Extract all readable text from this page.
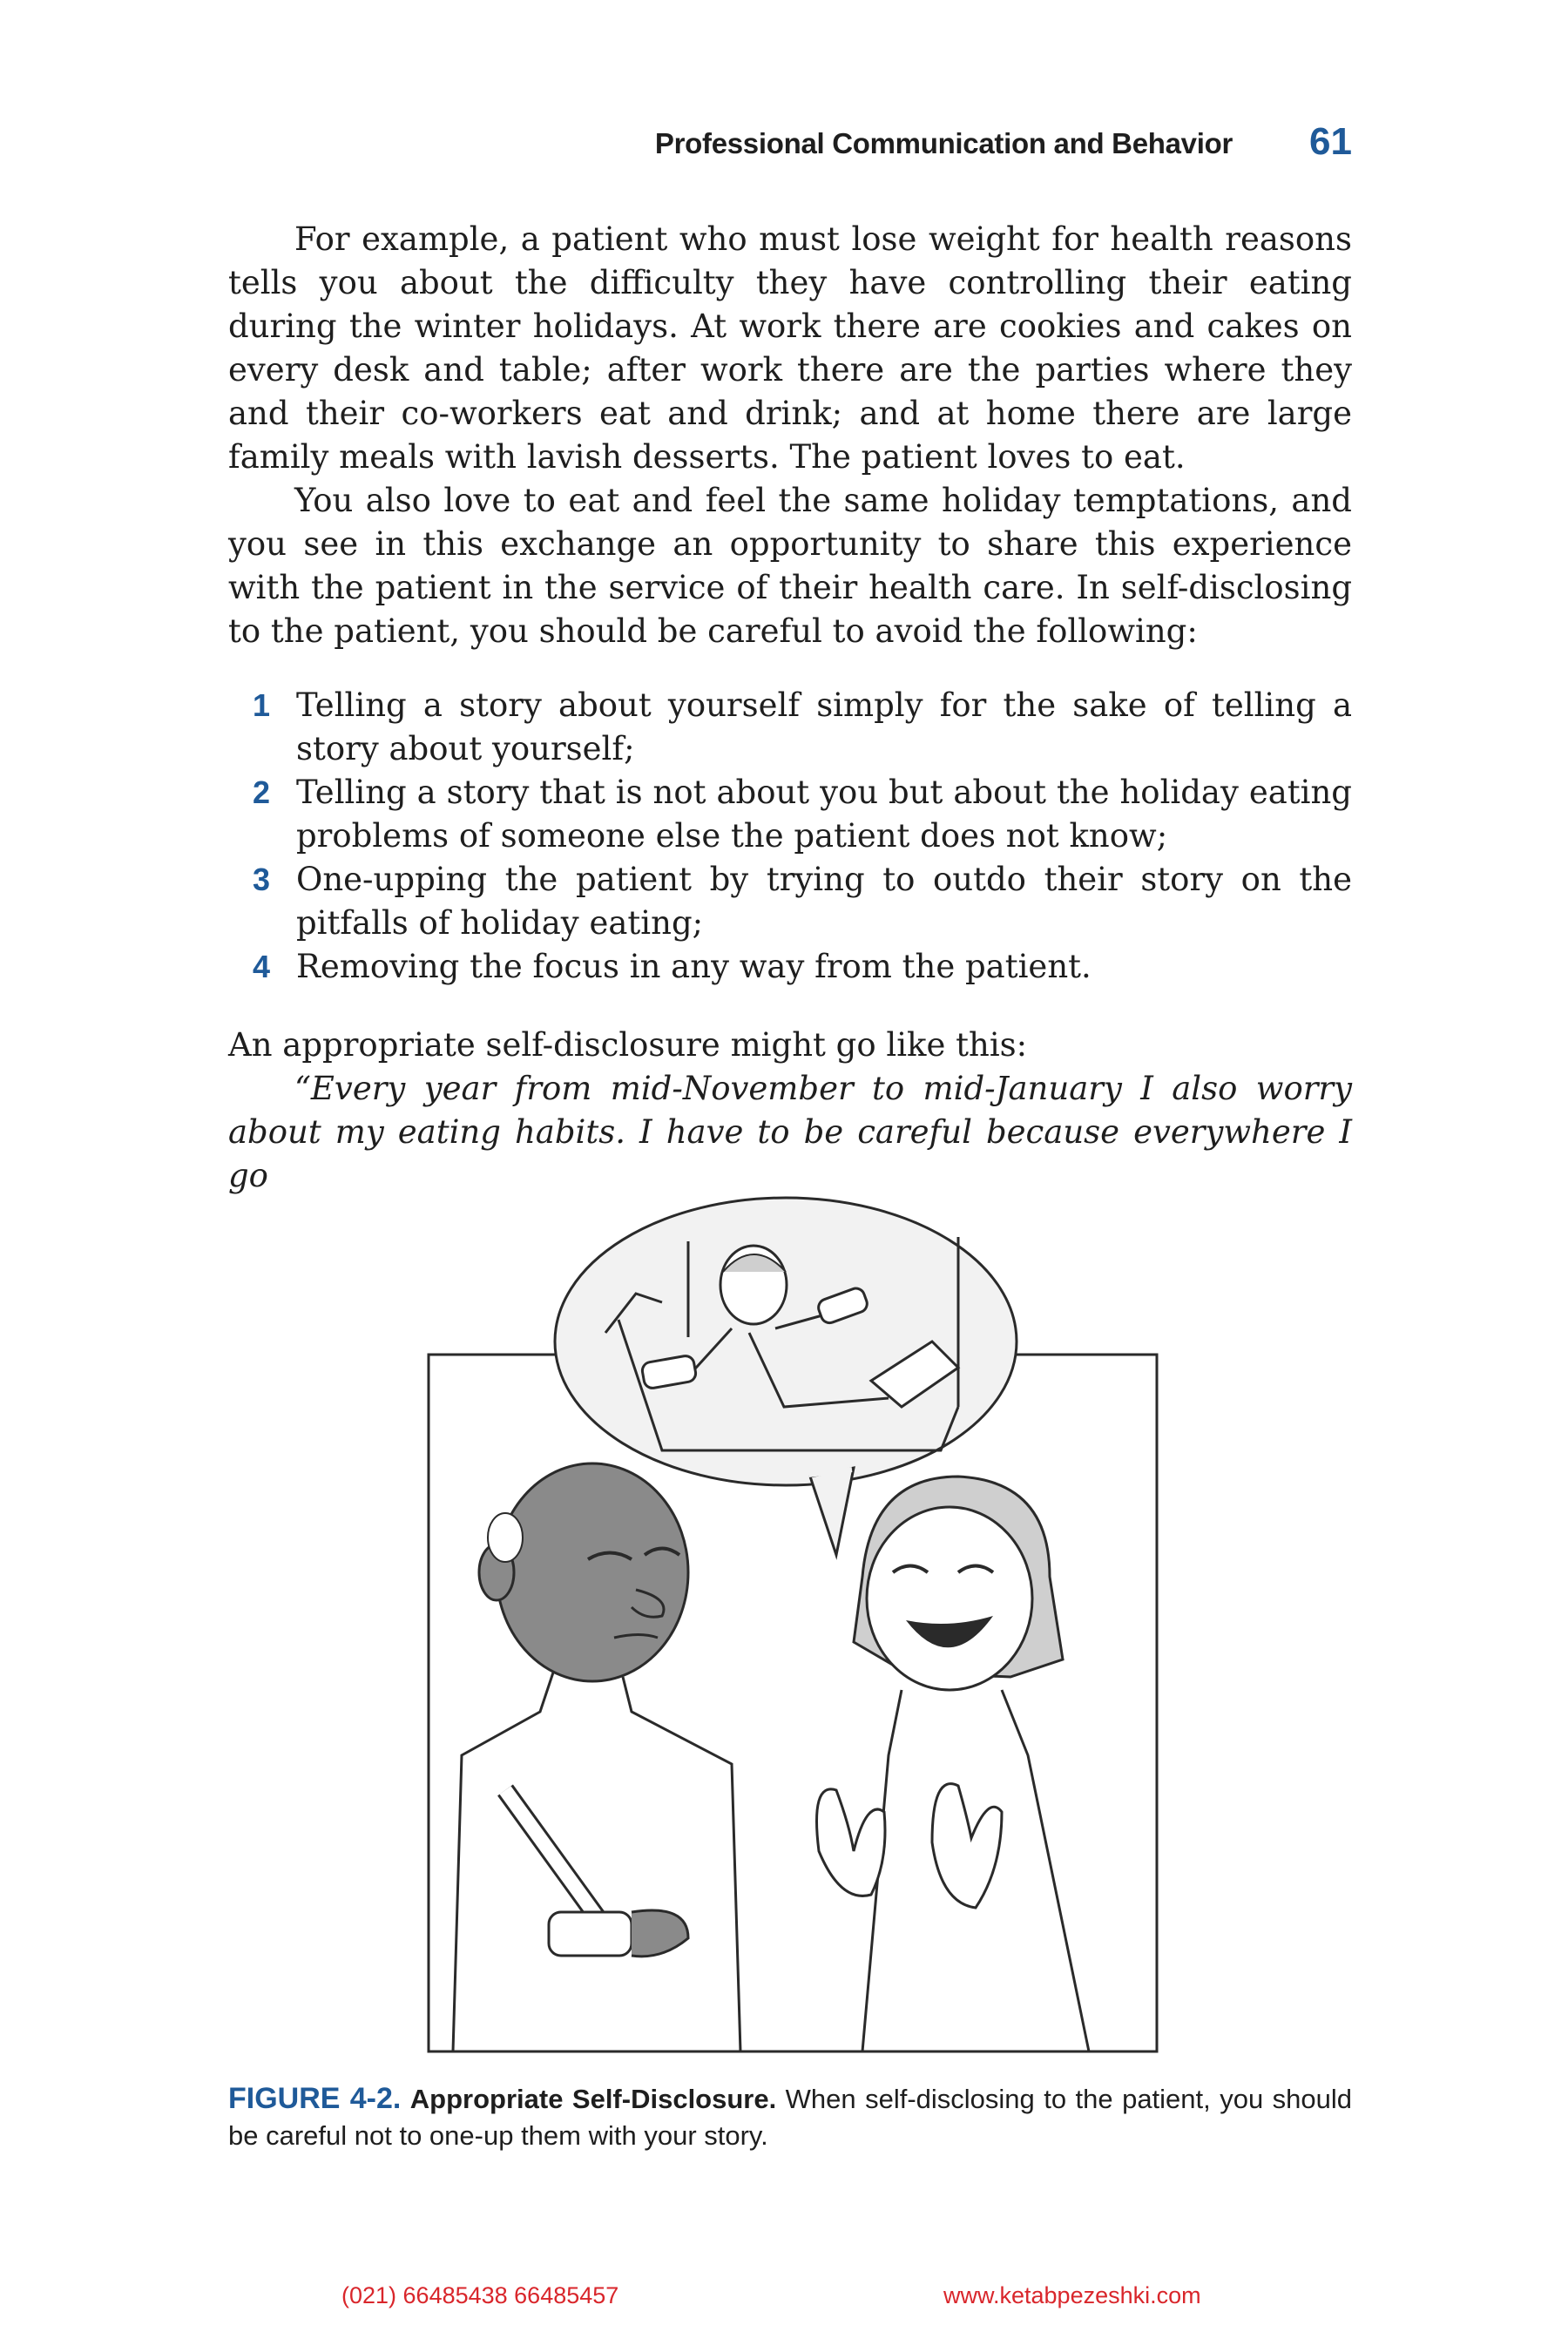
Professional Communication and Behavior 61

For example, a patient who must lose weight for health reasons tells you about the difficulty they have controlling their eating during the winter holidays. At work there are cookies and cakes on every desk and table; after work there are the parties where they and their co-workers eat and drink; and at home there are large family meals with lavish desserts. The patient loves to eat.

You also love to eat and feel the same holiday temptations, and you see in this exchange an opportunity to share this experience with the patient in the service of their health care. In self-disclosing to the patient, you should be careful to avoid the following:

1 Telling a story about yourself simply for the sake of telling a story about yourself;
2 Telling a story that is not about you but about the holiday eating problems of someone else the patient does not know;
3 One-upping the patient by trying to outdo their story on the pitfalls of holiday eating;
4 Removing the focus in any way from the patient.

An appropriate self-disclosure might go like this:

“Every year from mid-November to mid-January I also worry about my eating habits. I have to be careful because everywhere I go

FIGURE 4-2. Appropriate Self-Disclosure. When self-disclosing to the patient, you should be careful not to one-up them with your story.
(021) 66485438 66485457	www.ketabpezeshki.com
